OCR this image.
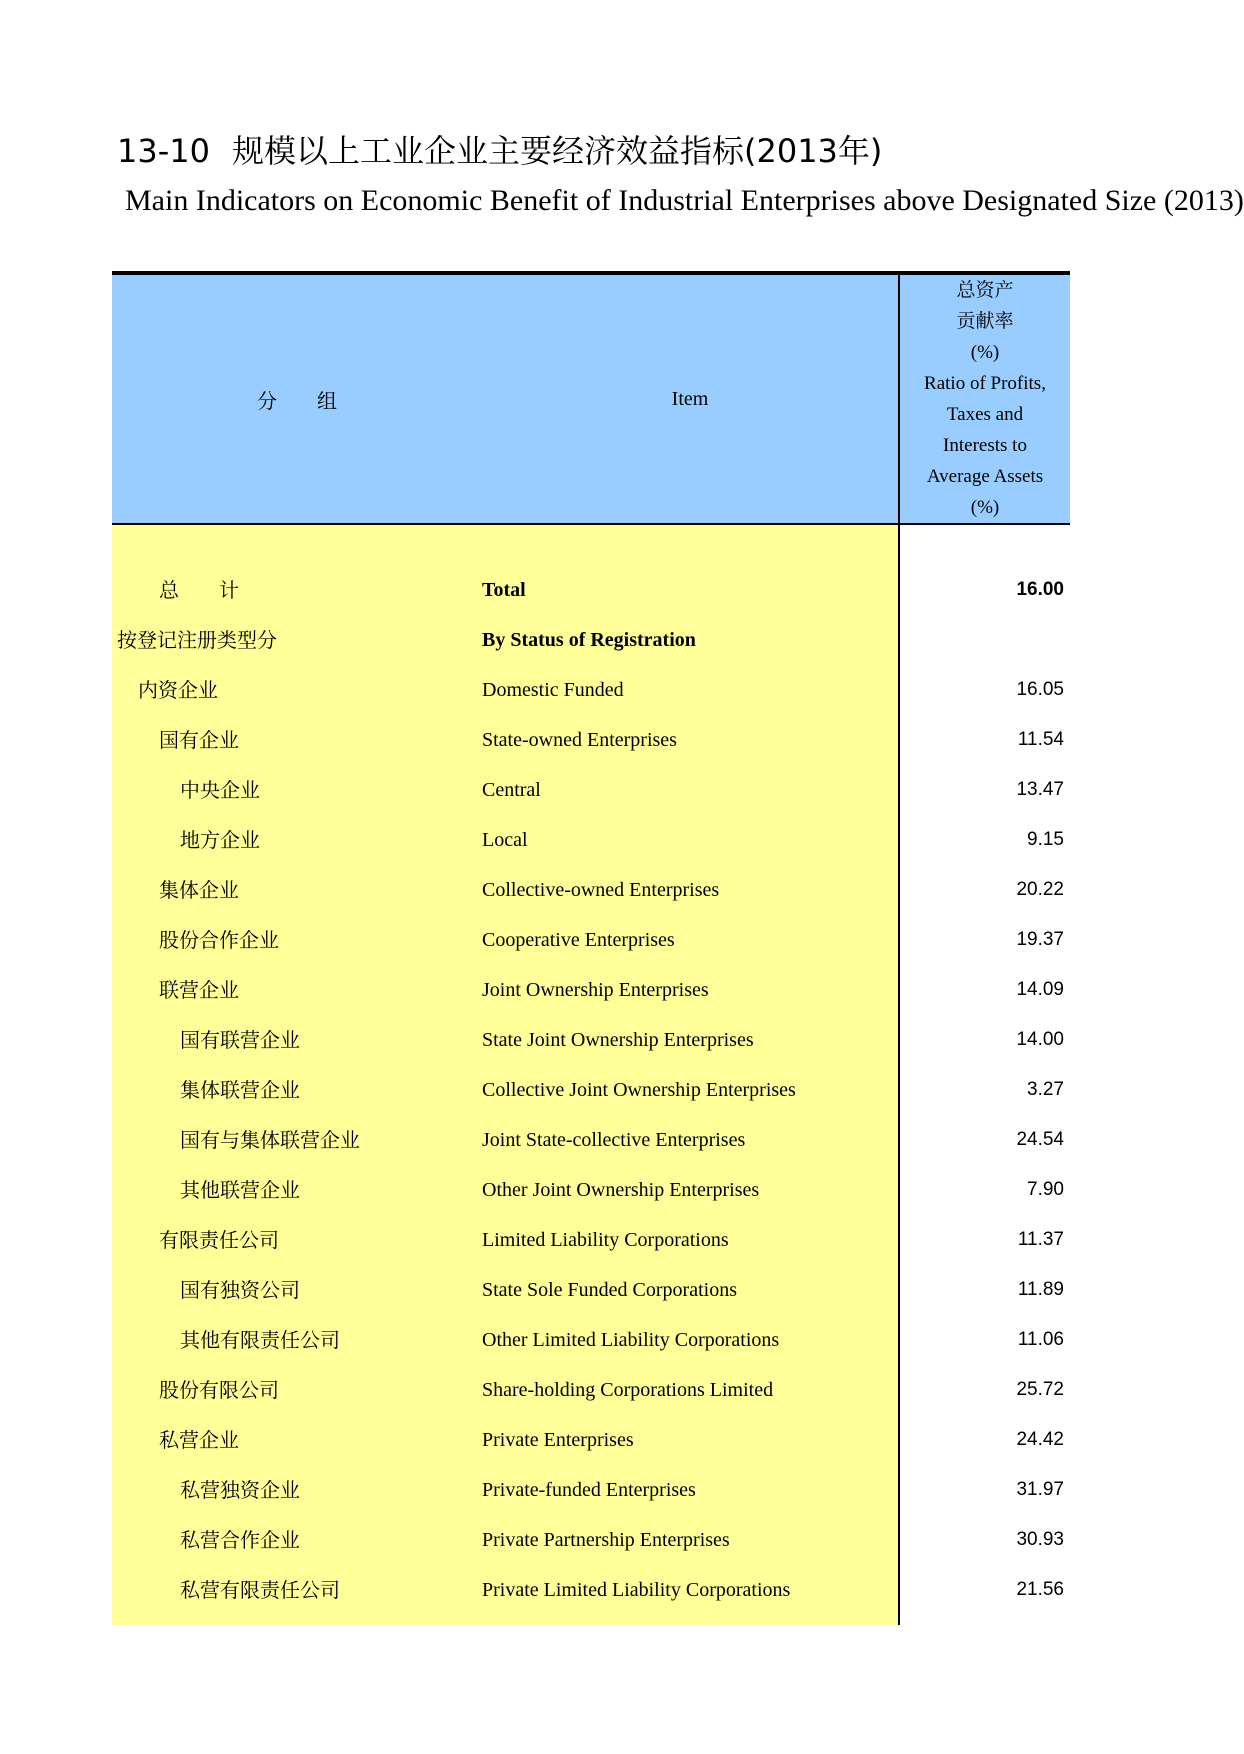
13-10 规模以上工业企业主要经济效益指标(2013年)
Main Indicators on Economic Benefit of Industrial Enterprises above Designated Size (2013)
分　　组	Item
总资产
贡献率
(%)
Ratio of Profits,
Taxes and
Interests to
Average Assets
(%)
总　　计	Total	16.00
按登记注册类型分	By Status of Registration
内资企业	Domestic Funded	16.05
国有企业	State-owned Enterprises	11.54
中央企业	Central	13.47
地方企业	Local	9.15
集体企业	Collective-owned Enterprises	20.22
股份合作企业	Cooperative Enterprises	19.37
联营企业	Joint Ownership Enterprises	14.09
国有联营企业	State Joint Ownership Enterprises	14.00
集体联营企业	Collective Joint Ownership Enterprises	3.27
国有与集体联营企业	Joint State-collective Enterprises	24.54
其他联营企业	Other Joint Ownership Enterprises	7.90
有限责任公司	Limited Liability Corporations	11.37
国有独资公司	State Sole Funded Corporations	11.89
其他有限责任公司	Other Limited Liability Corporations	11.06
股份有限公司	Share-holding Corporations Limited	25.72
私营企业	Private Enterprises	24.42
私营独资企业	Private-funded Enterprises	31.97
私营合作企业	Private Partnership Enterprises	30.93
私营有限责任公司	Private Limited Liability Corporations	21.56
